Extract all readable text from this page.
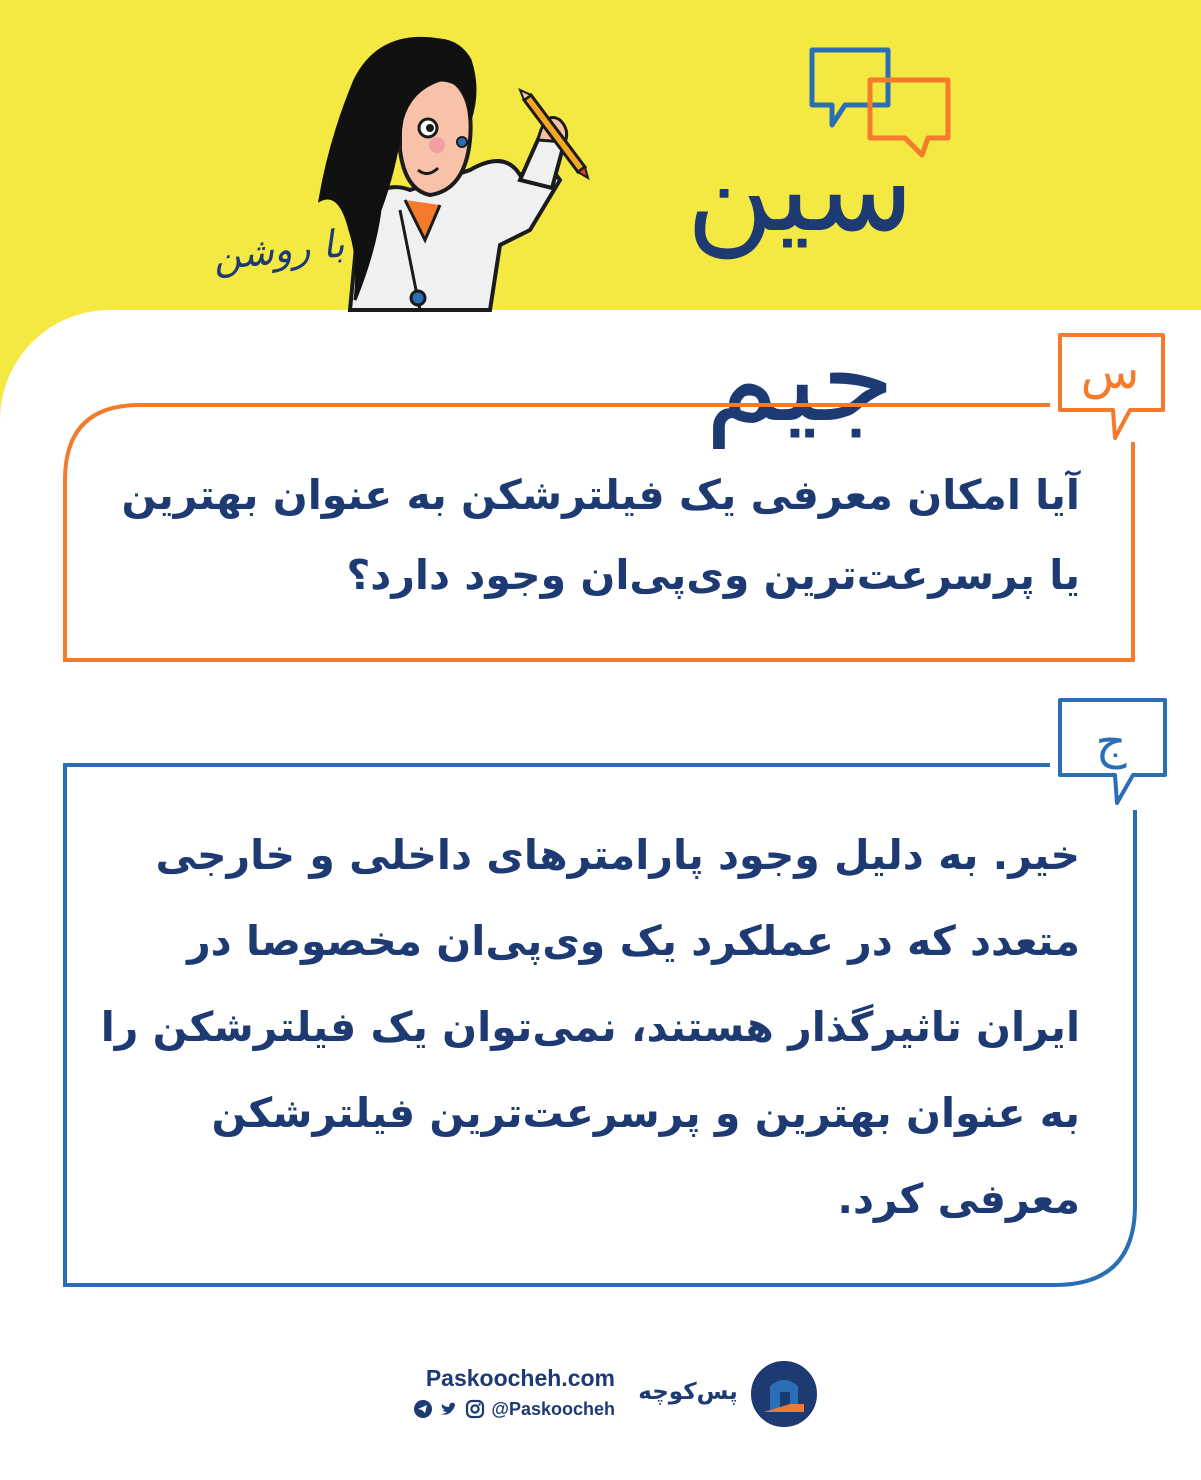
با روشن	سین جیم	س
آیا امکان معرفی یک فیلترشکن به عنوان بهترین یا پرسرعت‌ترین وی‌پی‌ان وجود دارد؟
ج
خیر. به دلیل وجود پارامترهای داخلی و خارجی متعدد که در عملکرد یک وی‌پی‌ان مخصوصا در ایران تاثیرگذار هستند، نمی‌توان یک فیلترشکن را به عنوان بهترین و پرسرعت‌ترین فیلترشکن معرفی کرد.
Paskoocheh.com
@Paskoocheh
پس‌کوچه
